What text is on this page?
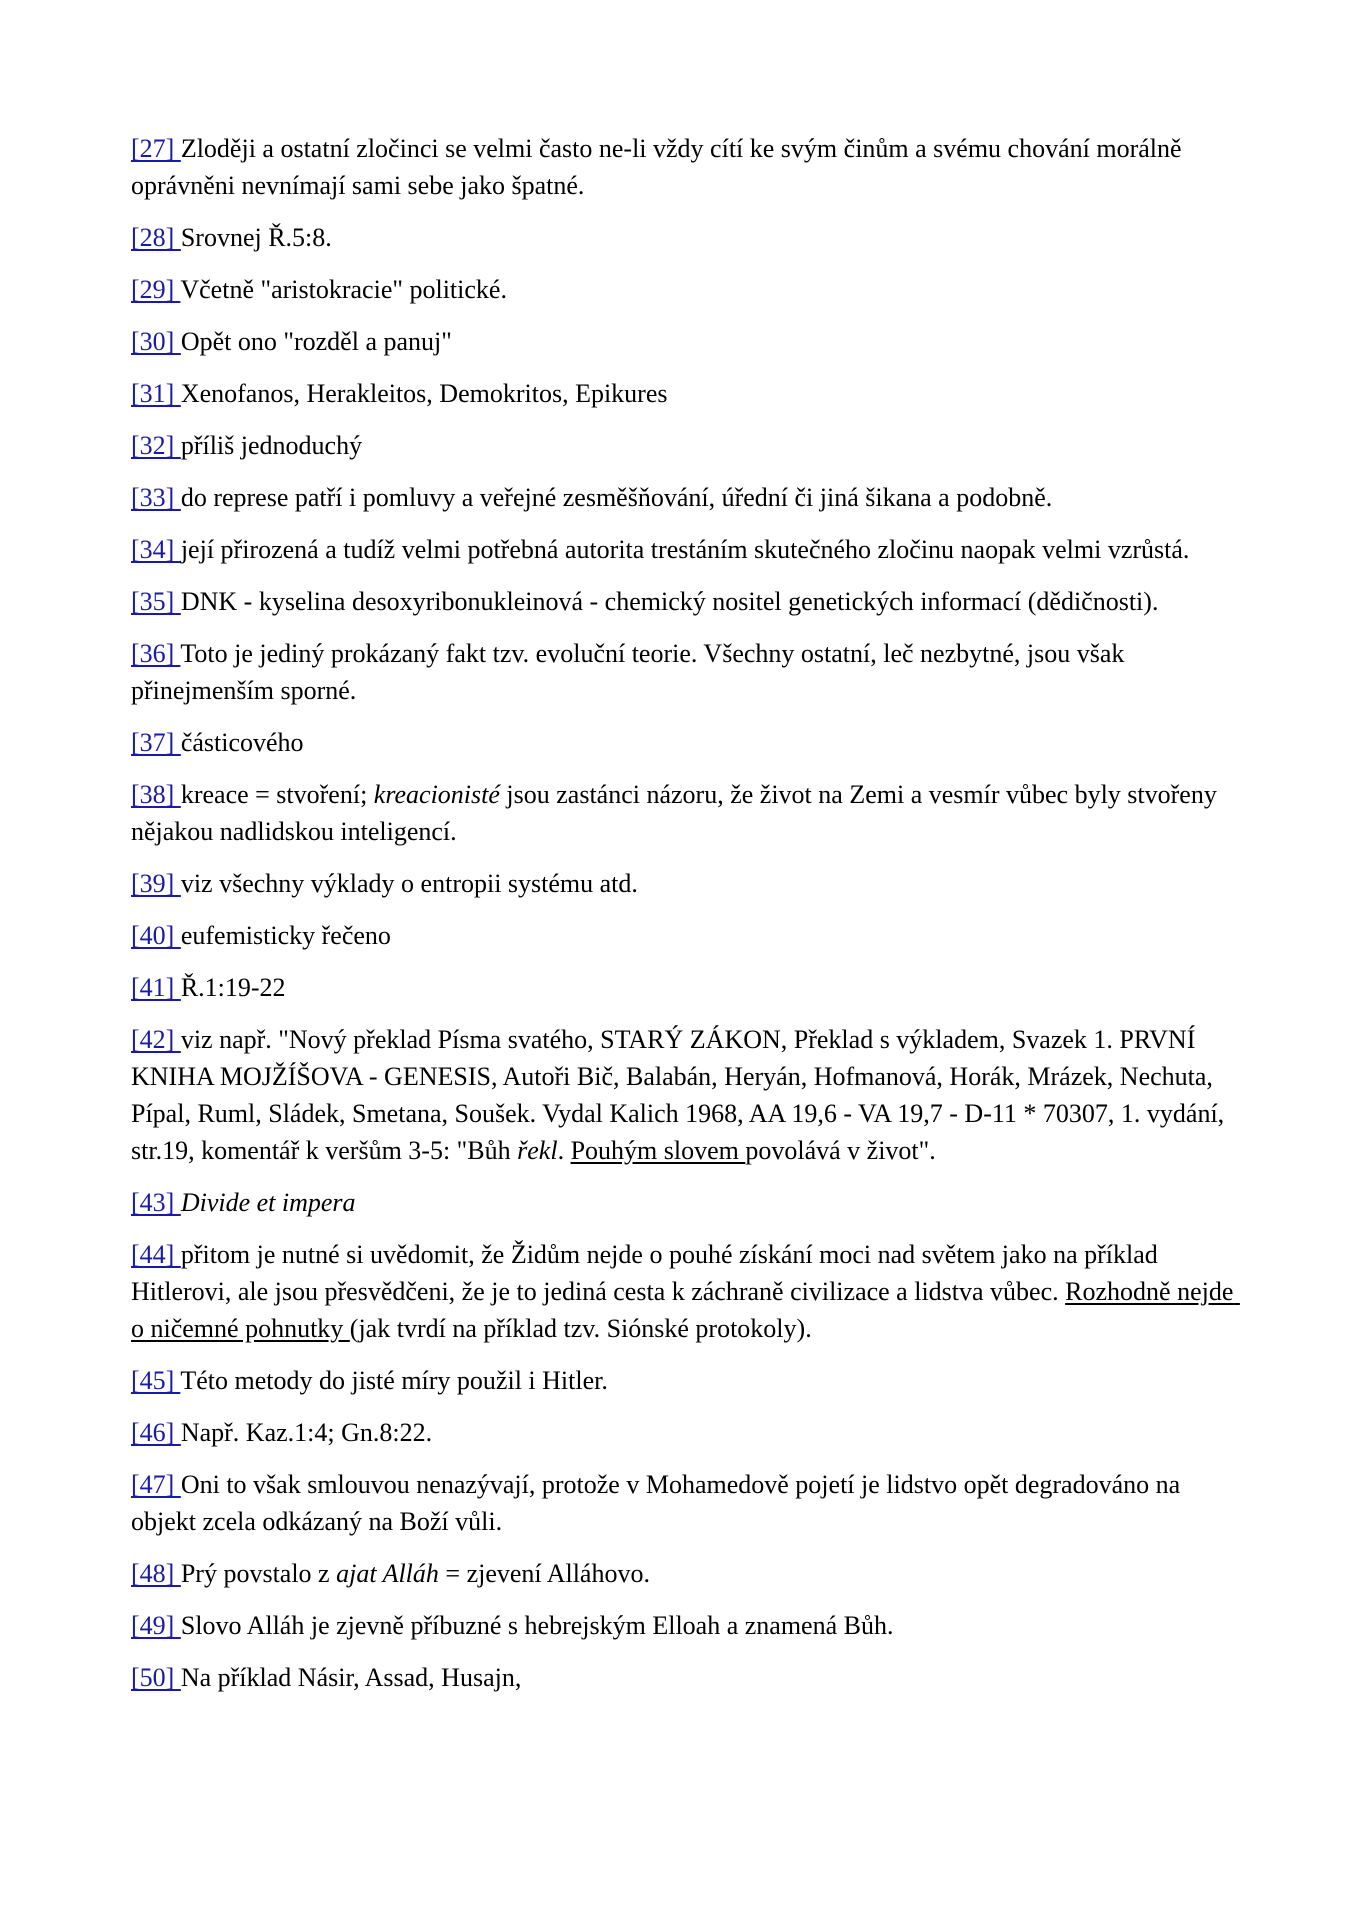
[27] Zloději a ostatní zločinci se velmi často ne-li vždy cítí ke svým činům a svému chování morálně oprávněni nevnímají sami sebe jako špatné.

[28] Srovnej Ř.5:8.

[29] Včetně "aristokracie" politické.

[30] Opět ono "rozděl a panuj"

[31] Xenofanos, Herakleitos, Demokritos, Epikures

[32] příliš jednoduchý

[33] do represe patří i pomluvy a veřejné zesměšňování, úřední či jiná šikana a podobně.

[34] její přirozená a tudíž velmi potřebná autorita trestáním skutečného zločinu naopak velmi vzrůstá.

[35] DNK - kyselina desoxyribonukleinová - chemický nositel genetických informací (dědičnosti).

[36] Toto je jediný prokázaný fakt tzv. evoluční teorie. Všechny ostatní, leč nezbytné, jsou však přinejmenším sporné.

[37] částicového

[38] kreace = stvoření; kreacionisté jsou zastánci názoru, že život na Zemi a vesmír vůbec byly stvořeny nějakou nadlidskou inteligencí.

[39] viz všechny výklady o entropii systému atd.

[40] eufemisticky řečeno

[41] Ř.1:19-22

[42] viz např. "Nový překlad Písma svatého, STARÝ ZÁKON, Překlad s výkladem, Svazek 1. PRVNÍ KNIHA MOJŽÍŠOVA - GENESIS, Autoři Bič, Balabán, Heryán, Hofmanová, Horák, Mrázek, Nechuta, Pípal, Ruml, Sládek, Smetana, Soušek. Vydal Kalich 1968, AA 19,6 - VA 19,7 - D-11 * 70307, 1. vydání, str.19, komentář k veršům 3-5: "Bůh řekl. Pouhým slovem povolává v život".

[43] Divide et impera

[44] přitom je nutné si uvědomit, že Židům nejde o pouhé získání moci nad světem jako na příklad Hitlerovi, ale jsou přesvědčeni, že je to jediná cesta k záchraně civilizace a lidstva vůbec. Rozhodně nejde o ničemné pohnutky (jak tvrdí na příklad tzv. Siónské protokoly).

[45] Této metody do jisté míry použil i Hitler.

[46] Např. Kaz.1:4; Gn.8:22.

[47] Oni to však smlouvou nenazývají, protože v Mohamedově pojetí je lidstvo opět degradováno na objekt zcela odkázaný na Boží vůli.

[48] Prý povstalo z ajat Alláh = zjevení Alláhovo.

[49] Slovo Alláh je zjevně příbuzné s hebrejským Elloah a znamená Bůh.

[50] Na příklad Násir, Assad, Husajn,
